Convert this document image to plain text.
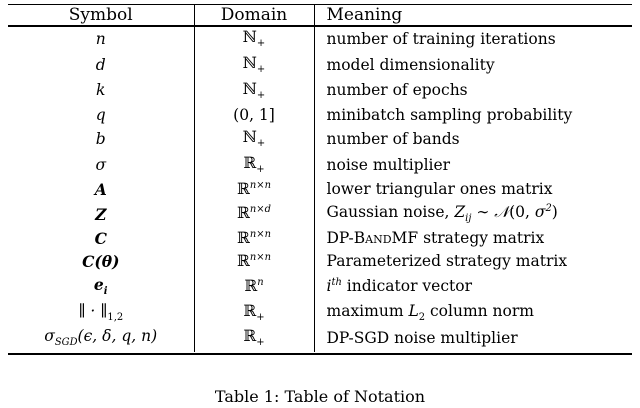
Symbol	Domain	Meaning

n	ℕ$_+$	number of training iterations
d	ℕ$_+$	model dimensionality
k	ℕ$_+$	number of epochs
q	(0, 1]	minibatch sampling probability
b	ℕ$_+$	number of bands
σ	ℝ$_+$	noise multiplier
A	ℝ$^{n\times n}$	lower triangular ones matrix
Z	ℝ$^{n\times d}$	Gaussian noise, $Z_{ij}$ ∼ 𝒩(0, $\sigma^2$)
C	ℝ$^{n\times n}$	DP-BandMF strategy matrix
C(θ)	ℝ$^{n\times n}$	Parameterized strategy matrix
$e_i$	ℝ$^n$	$i^{th}$ indicator vector
∥ · $\parallel_{1,2}$	ℝ$_+$	maximum $L_2$ column norm
$\sigma_{SGD}(\epsilon$, δ, q, n)	ℝ$_+$	DP-SGD noise multiplier

Table 1: Table of Notation
